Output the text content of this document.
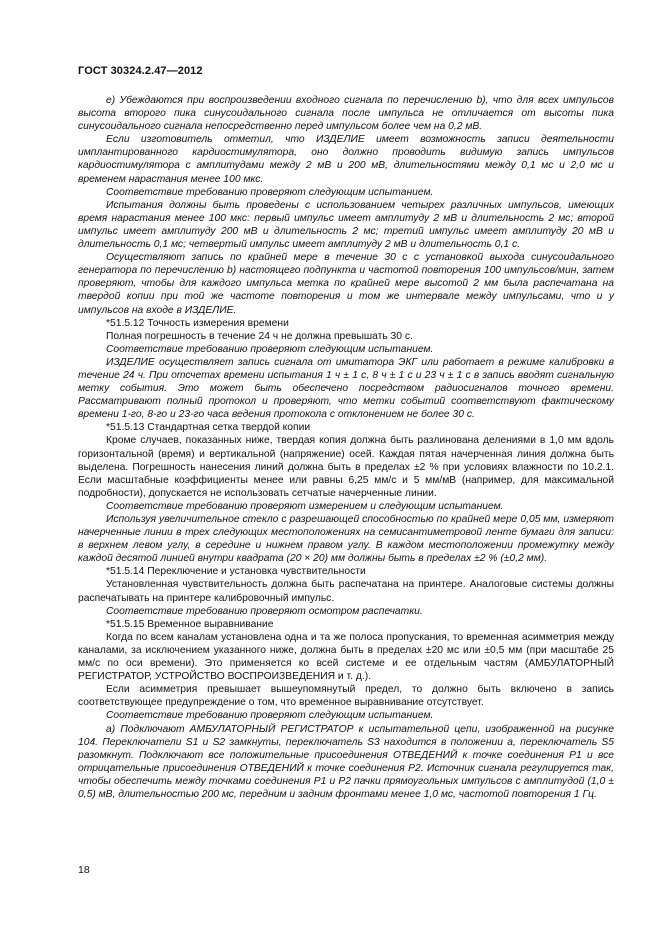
ГОСТ 30324.2.47—2012

e) Убеждаются при воспроизведении входного сигнала по перечислению b), что для всех импульсов высота второго пика синусоидального сигнала после импульса не отличается от высоты пика синусоидального сигнала непосредственно перед импульсом более чем на 0,2 мВ.

Если изготовитель отметил, что ИЗДЕЛИЕ имеет возможность записи деятельности имплантированного кардиостимулятора, оно должно проводить видимую запись импульсов кардиостимулятора с амплитудами между 2 мВ и 200 мВ, длительностями между 0,1 мс и 2,0 мс и временем нарастания менее 100 мкс.

Соответствие требованию проверяют следующим испытанием.

Испытания должны быть проведены с использованием четырех различных импульсов, имеющих время нарастания менее 100 мкс: первый импульс имеет амплитуду 2 мВ и длительность 2 мс; второй импульс имеет амплитуду 200 мВ и длительность 2 мс; третий импульс имеет амплитуду 20 мВ и длительность 0,1 мс; четвертый импульс имеет амплитуду 2 мВ и длительность 0,1 с.

Осуществляют запись по крайней мере в течение 30 с с установкой выхода синусоидального генератора по перечислению b) настоящего подпункта и частотой повторения 100 импульсов/мин, затем проверяют, чтобы для каждого импульса метка по крайней мере высотой 2 мм была распечатана на твердой копии при той же частоте повторения и том же интервале между импульсами, что и у импульсов на входе в ИЗДЕЛИЕ.

*51.5.12 Точность измерения времени

Полная погрешность в течение 24 ч не должна превышать 30 с.

Соответствие требованию проверяют следующим испытанием.

ИЗДЕЛИЕ осуществляет запись сигнала от имитатора ЭКГ или работает в режиме калибровки в течение 24 ч. При отсчетах времени испытания 1 ч ± 1 с, 8 ч ± 1 с и 23 ч ± 1 с в запись вводят сигнальную метку события. Это может быть обеспечено посредством радиосигналов точного времени. Рассматривают полный протокол и проверяют, что метки событий соответствуют фактическому времени 1-го, 8-го и 23-го часа ведения протокола с отклонением не более 30 с.

*51.5.13 Стандартная сетка твердой копии

Кроме случаев, показанных ниже, твердая копия должна быть разлинована делениями в 1,0 мм вдоль горизонтальной (время) и вертикальной (напряжение) осей. Каждая пятая начерченная линия должна быть выделена. Погрешность нанесения линий должна быть в пределах ±2 % при условиях влажности по 10.2.1. Если масштабные коэффициенты менее или равны 6,25 мм/с и 5 мм/мВ (например, для максимальной подробности), допускается не использовать сетчатые начерченные линии.

Соответствие требованию проверяют измерением и следующим испытанием.

Используя увеличительное стекло с разрешающей способностью по крайней мере 0,05 мм, измеряют начерченные линии в трех следующих местоположениях на семисантиметровой ленте бумаги для записи: в верхнем левом углу, в середине и нижнем правом углу. В каждом местоположении промежутку между каждой десятой линией внутри квадрата (20 × 20) мм должны быть в пределах ±2 % (±0,2 мм).

*51.5.14 Переключение и установка чувствительности

Установленная чувствительность должна быть распечатана на принтере. Аналоговые системы должны распечатывать на принтере калибровочный импульс.

Соответствие требованию проверяют осмотром распечатки.

*51.5.15 Временное выравнивание

Когда по всем каналам установлена одна и та же полоса пропускания, то временная асимметрия между каналами, за исключением указанного ниже, должна быть в пределах ±20 мс или ±0,5 мм (при масштабе 25 мм/с по оси времени). Это применяется ко всей системе и ее отдельным частям (АМБУЛАТОРНЫЙ РЕГИСТРАТОР, УСТРОЙСТВО ВОСПРОИЗВЕДЕНИЯ и т. д.).

Если асимметрия превышает вышеупомянутый предел, то должно быть включено в запись соответствующее предупреждение о том, что временное выравнивание отсутствует.

Соответствие требованию проверяют следующим испытанием.

а) Подключают АМБУЛАТОРНЫЙ РЕГИСТРАТОР к испытательной цепи, изображенной на рисунке 104. Переключатели S1 и S2 замкнуты, переключатель S3 находится в положении a, переключатель S5 разомкнут. Подключают все положительные присоединения ОТВЕДЕНИЙ к точке соединения P1 и все отрицательные присоединения ОТВЕДЕНИЙ к точке соединения P2. Источник сигнала регулируется так, чтобы обеспечить между точками соединения P1 и P2 пачки прямоугольных импульсов с амплитудой (1,0 ± 0,5) мВ, длительностью 200 мс, передним и задним фронтами менее 1,0 мс, частотой повторения 1 Гц.

18
